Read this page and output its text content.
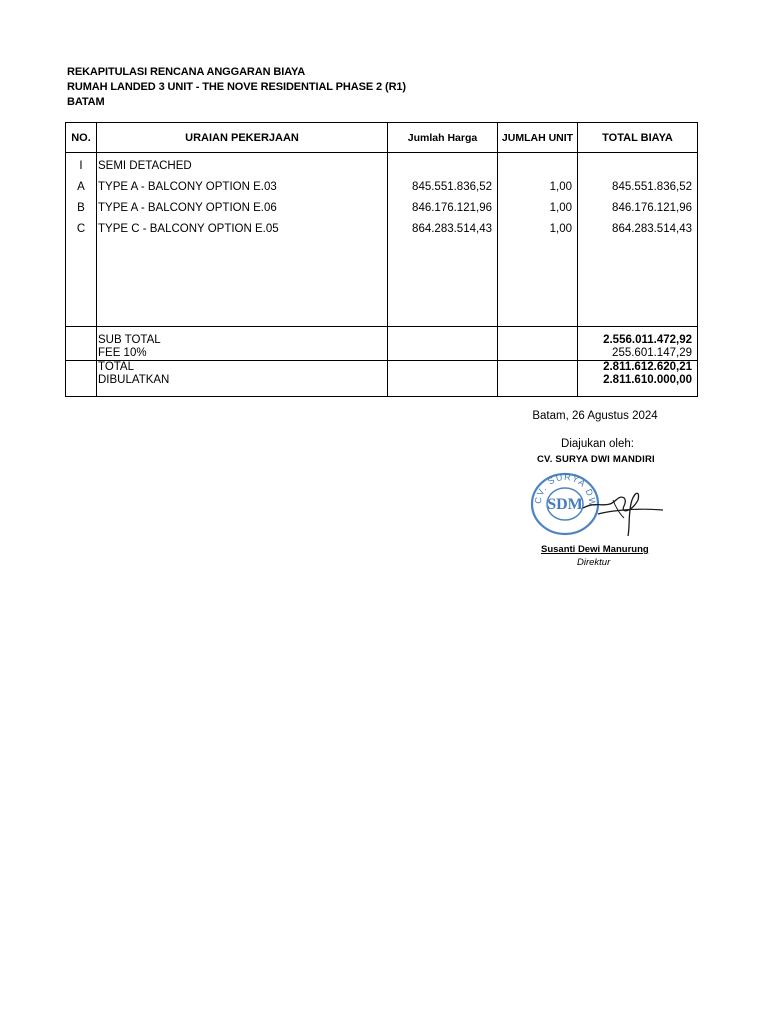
REKAPITULASI RENCANA ANGGARAN BIAYA
RUMAH LANDED 3 UNIT - THE NOVE RESIDENTIAL PHASE 2 (R1)
BATAM
NO.	URAIAN PEKERJAAN	Jumlah Harga	JUMLAH UNIT	TOTAL BIAYA
I	SEMI DETACHED
A	TYPE A - BALCONY OPTION E.03	845.551.836,52	1,00	845.551.836,52
B	TYPE A - BALCONY OPTION E.06	846.176.121,96	1,00	846.176.121,96
C	TYPE C - BALCONY OPTION E.05	864.283.514,43	1,00	864.283.514,43
SUB TOTAL	2.556.011.472,92
FEE 10%	255.601.147,29
TOTAL	2.811.612.620,21
DIBULATKAN	2.811.610.000,00
Batam, 26 Agustus 2024
Diajukan oleh:
CV. SURYA DWI MANDIRI
CV. SURYA DW
SDM
Susanti Dewi Manurung
Direktur
